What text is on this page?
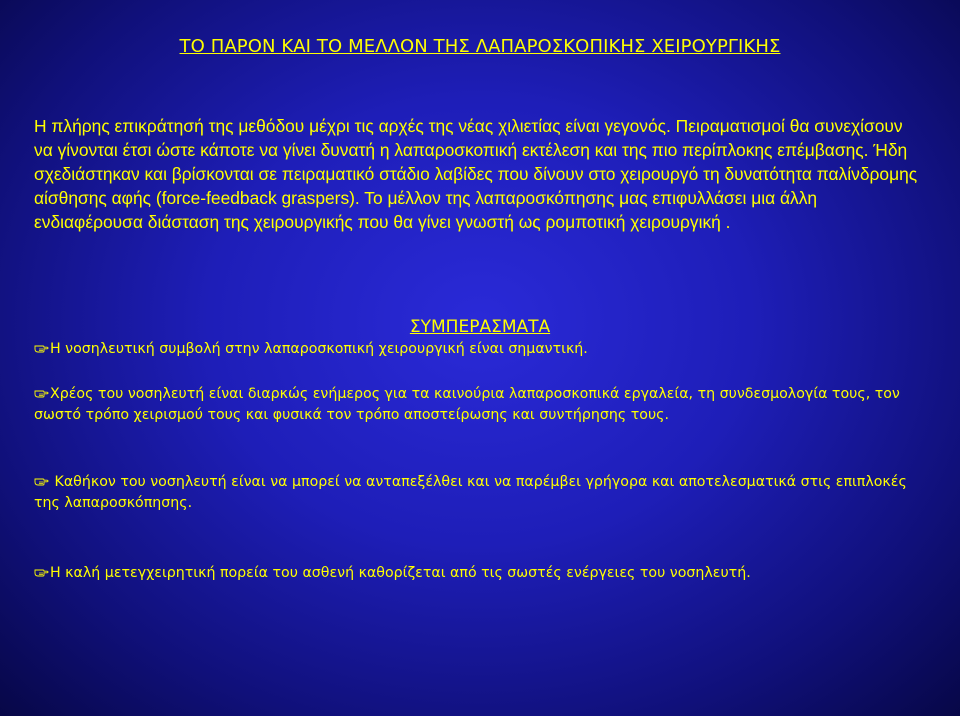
ΤΟ ΠΑΡΟΝ ΚΑΙ ΤΟ ΜΕΛΛΟΝ ΤΗΣ ΛΑΠΑΡΟΣΚΟΠΙΚΗΣ ΧΕΙΡΟΥΡΓΙΚΗΣ
Η πλήρης επικράτησή της μεθόδου μέχρι τις αρχές της νέας χιλιετίας είναι γεγονός. Πειραματισμοί θα συνεχίσουν να γίνονται έτσι ώστε κάποτε να γίνει δυνατή η λαπαροσκοπική εκτέλεση και της πιο περίπλοκης επέμβασης. Ήδη σχεδιάστηκαν και βρίσκονται σε πειραματικό στάδιο λαβίδες που δίνουν στο χειρουργό τη δυνατότητα παλίνδρομης αίσθησης αφής (force-feedback graspers). Το μέλλον της λαπαροσκόπησης μας επιφυλλάσει μια άλλη ενδιαφέρουσα διάσταση της χειρουργικής που θα γίνει γνωστή ως ρομποτική χειρουργική .
ΣΥΜΠΕΡΑΣΜΑΤΑ
Η νοσηλευτική συμβολή στην λαπαροσκοπική χειρουργική είναι σημαντική.
Χρέος του νοσηλευτή είναι διαρκώς ενήμερος για τα καινούρια λαπαροσκοπικά εργαλεία, τη συνδεσμολογία τους, τον σωστό τρόπο χειρισμού τους και φυσικά τον τρόπο αποστείρωσης και συντήρησης τους.
Καθήκον του νοσηλευτή είναι να μπορεί να ανταπεξέλθει και να παρέμβει γρήγορα και αποτελεσματικά στις επιπλοκές της λαπαροσκόπησης.
Η καλή μετεγχειρητική πορεία του ασθενή καθορίζεται από τις σωστές ενέργειες του νοσηλευτή.
